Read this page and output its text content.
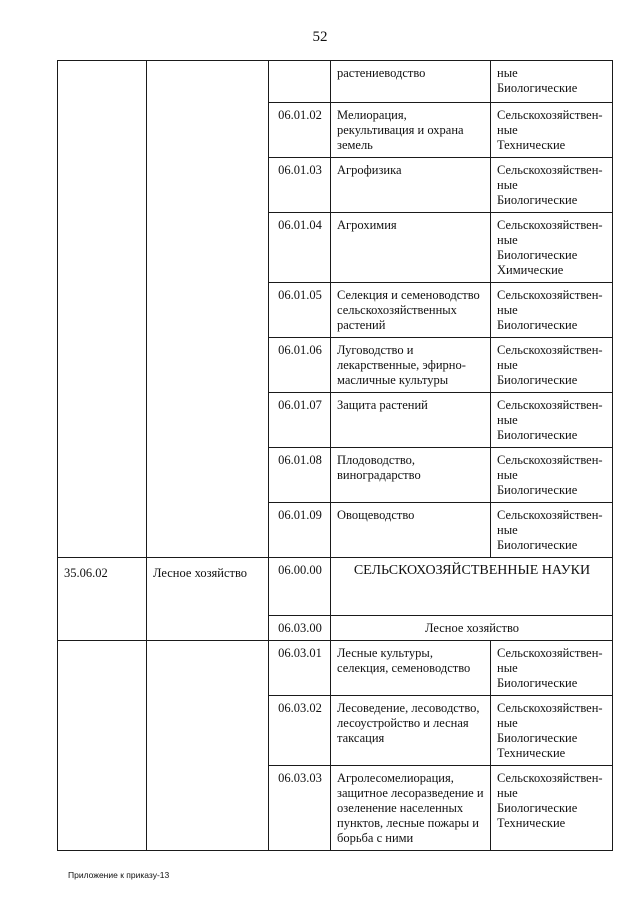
52

			растениеводство	ные
Биологические

		06.01.02	Мелиорация,
рекультивация и охрана
земель	Сельскохозяйствен-
ные
Технические

		06.01.03	Агрофизика	Сельскохозяйствен-
ные
Биологические

		06.01.04	Агрохимия	Сельскохозяйствен-
ные
Биологические
Химические

		06.01.05	Селекция и семеноводство
сельскохозяйственных
растений	Сельскохозяйствен-
ные
Биологические

		06.01.06	Луговодство и
лекарственные, эфирно-
масличные культуры	Сельскохозяйствен-
ные
Биологические

		06.01.07	Защита растений	Сельскохозяйствен-
ные
Биологические

		06.01.08	Плодоводство,
виноградарство	Сельскохозяйствен-
ные
Биологические

		06.01.09	Овощеводство	Сельскохозяйствен-
ные
Биологические

35.06.02	Лесное хозяйство	06.00.00	СЕЛЬСКОХОЗЯЙСТВЕННЫЕ НАУКИ	
		06.03.00	Лесное хозяйство	
		06.03.01	Лесные культуры,
селекция, семеноводство	Сельскохозяйствен-
ные
Биологические

		06.03.02	Лесоведение, лесоводство,
лесоустройство и лесная
таксация	Сельскохозяйствен-
ные
Биологические
Технические

		06.03.03	Агролесомелиорация,
защитное лесоразведение и
озеленение населенных
пунктов, лесные пожары и
борьба с ними	Сельскохозяйствен-
ные
Биологические
Технические
Приложение к приказу-13
